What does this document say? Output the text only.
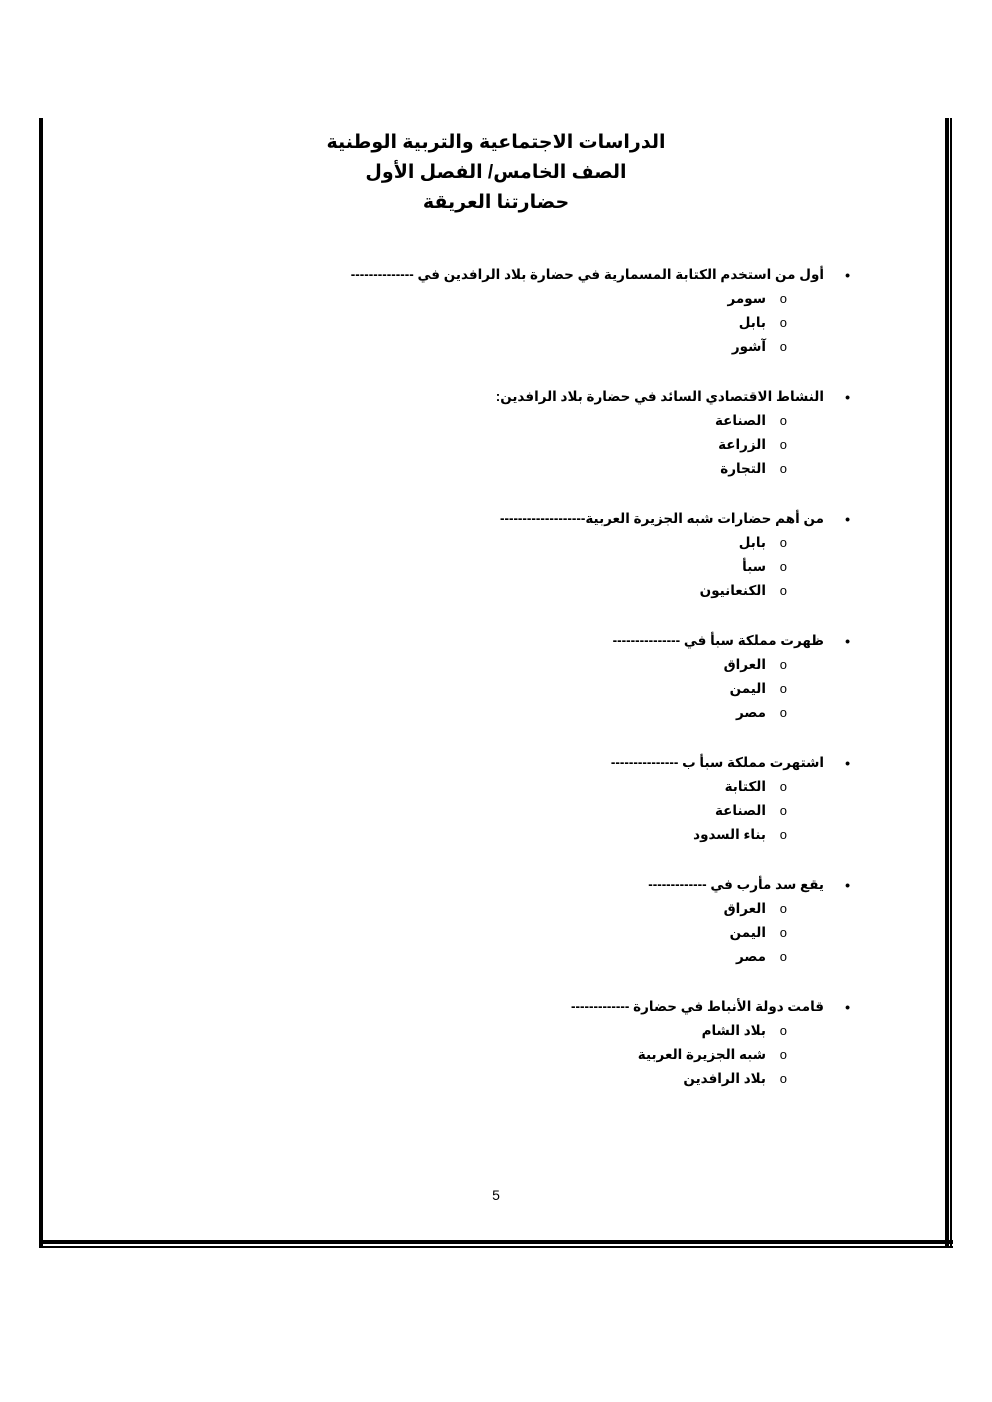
الدراسات الاجتماعية والتربية الوطنية
الصف الخامس/ الفصل الأول
حضارتنا العريقة
•
أول من استخدم الكتابة المسمارية في حضارة بلاد الرافدين في --------------
o
سومر
o
بابل
o
آشور
•
النشاط الاقتصادي السائد في حضارة بلاد الرافدين:
o
الصناعة
o
الزراعة
o
التجارة
•
من أهم حضارات شبه الجزيرة العربية-------------------
o
بابل
o
سبأ
o
الكنعانيون
•
ظهرت مملكة سبأ في ---------------
o
العراق
o
اليمن
o
مصر
•
اشتهرت مملكة سبأ ب ---------------
o
الكتابة
o
الصناعة
o
بناء السدود
•
يقع سد مأرب في -------------
o
العراق
o
اليمن
o
مصر
•
قامت دولة الأنباط في حضارة -------------
o
بلاد الشام
o
شبه الجزيرة العربية
o
بلاد الرافدين
5
